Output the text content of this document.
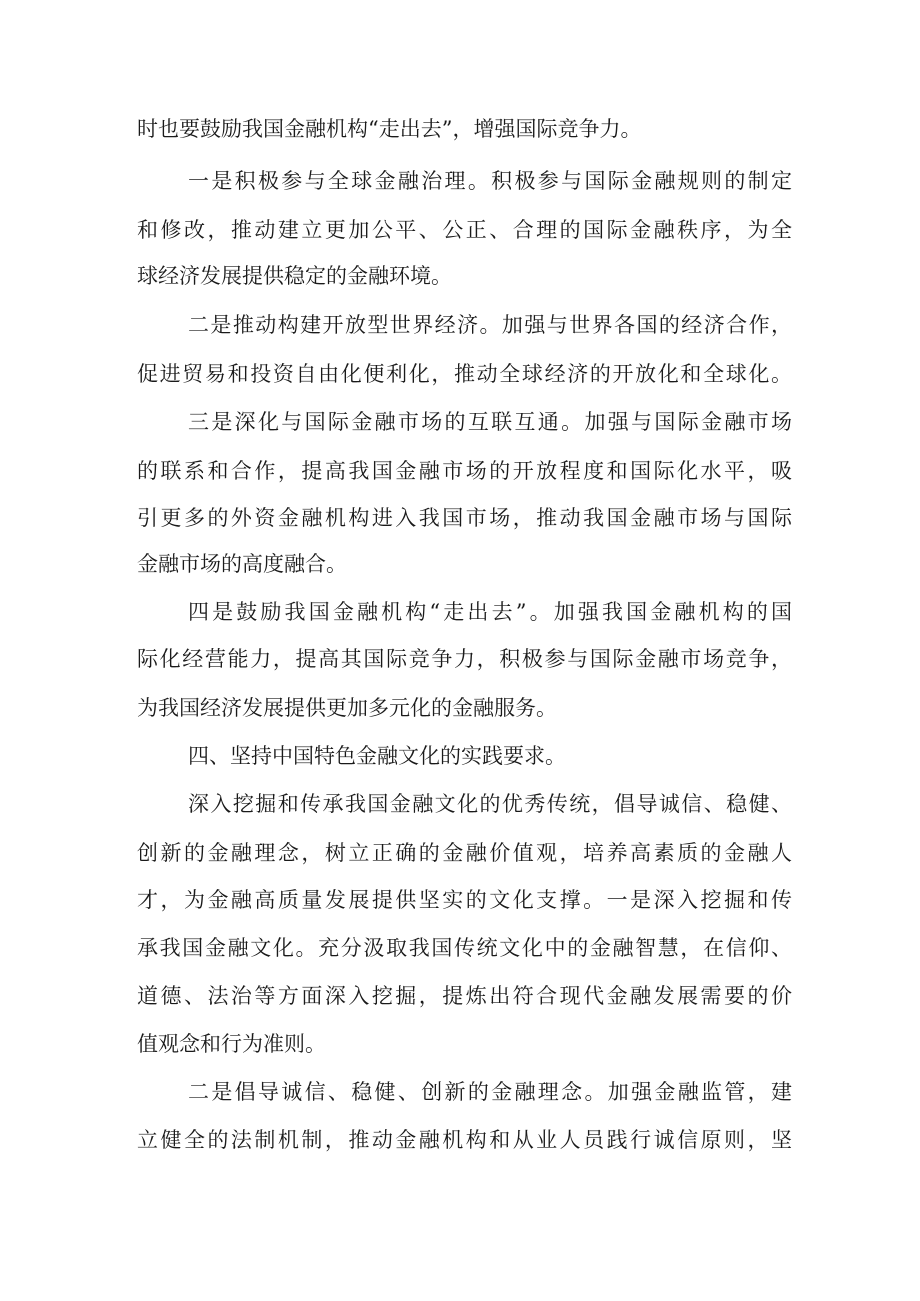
时也要鼓励我国金融机构“走出去”，增强国际竞争力。
一是积极参与全球金融治理。积极参与国际金融规则的制定
和修改，推动建立更加公平、公正、合理的国际金融秩序，为全
球经济发展提供稳定的金融环境。
二是推动构建开放型世界经济。加强与世界各国的经济合作，
促进贸易和投资自由化便利化，推动全球经济的开放化和全球化。
三是深化与国际金融市场的互联互通。加强与国际金融市场
的联系和合作，提高我国金融市场的开放程度和国际化水平，吸
引更多的外资金融机构进入我国市场，推动我国金融市场与国际
金融市场的高度融合。
四是鼓励我国金融机构“走出去”。加强我国金融机构的国
际化经营能力，提高其国际竞争力，积极参与国际金融市场竞争，
为我国经济发展提供更加多元化的金融服务。
四、坚持中国特色金融文化的实践要求。
深入挖掘和传承我国金融文化的优秀传统，倡导诚信、稳健、
创新的金融理念，树立正确的金融价值观，培养高素质的金融人
才，为金融高质量发展提供坚实的文化支撑。一是深入挖掘和传
承我国金融文化。充分汲取我国传统文化中的金融智慧，在信仰、
道德、法治等方面深入挖掘，提炼出符合现代金融发展需要的价
值观念和行为准则。
二是倡导诚信、稳健、创新的金融理念。加强金融监管，建
立健全的法制机制，推动金融机构和从业人员践行诚信原则，坚
